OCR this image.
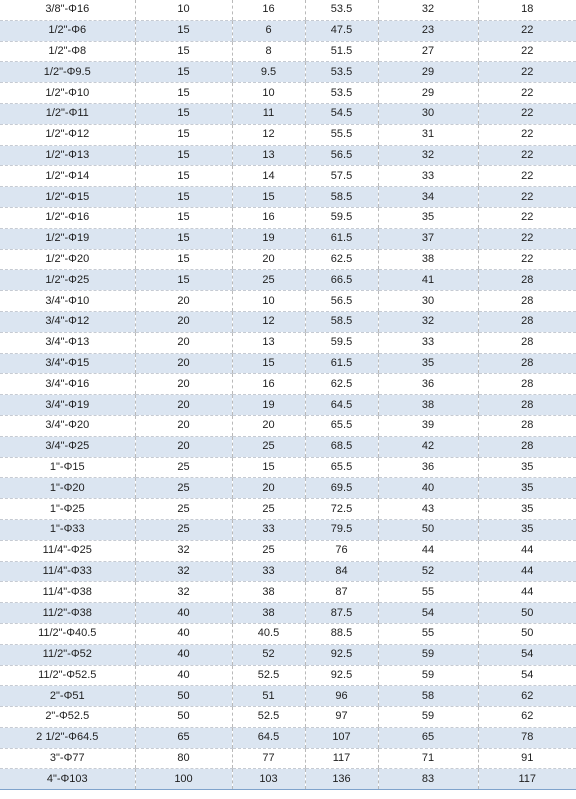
3/8"-Φ16	10	16	53.5	32	18
1/2"-Φ6	15	6	47.5	23	22
1/2"-Φ8	15	8	51.5	27	22
1/2"-Φ9.5	15	9.5	53.5	29	22
1/2"-Φ10	15	10	53.5	29	22
1/2"-Φ11	15	11	54.5	30	22
1/2"-Φ12	15	12	55.5	31	22
1/2"-Φ13	15	13	56.5	32	22
1/2"-Φ14	15	14	57.5	33	22
1/2"-Φ15	15	15	58.5	34	22
1/2"-Φ16	15	16	59.5	35	22
1/2"-Φ19	15	19	61.5	37	22
1/2"-Φ20	15	20	62.5	38	22
1/2"-Φ25	15	25	66.5	41	28
3/4"-Φ10	20	10	56.5	30	28
3/4"-Φ12	20	12	58.5	32	28
3/4"-Φ13	20	13	59.5	33	28
3/4"-Φ15	20	15	61.5	35	28
3/4"-Φ16	20	16	62.5	36	28
3/4"-Φ19	20	19	64.5	38	28
3/4"-Φ20	20	20	65.5	39	28
3/4"-Φ25	20	25	68.5	42	28
1"-Φ15	25	15	65.5	36	35
1"-Φ20	25	20	69.5	40	35
1"-Φ25	25	25	72.5	43	35
1"-Φ33	25	33	79.5	50	35
11/4"-Φ25	32	25	76	44	44
11/4"-Φ33	32	33	84	52	44
11/4"-Φ38	32	38	87	55	44
11/2"-Φ38	40	38	87.5	54	50
11/2"-Φ40.5	40	40.5	88.5	55	50
11/2"-Φ52	40	52	92.5	59	54
11/2"-Φ52.5	40	52.5	92.5	59	54
2"-Φ51	50	51	96	58	62
2"-Φ52.5	50	52.5	97	59	62
2 1/2"-Φ64.5	65	64.5	107	65	78
3"-Φ77	80	77	117	71	91
4"-Φ103	100	103	136	83	117
